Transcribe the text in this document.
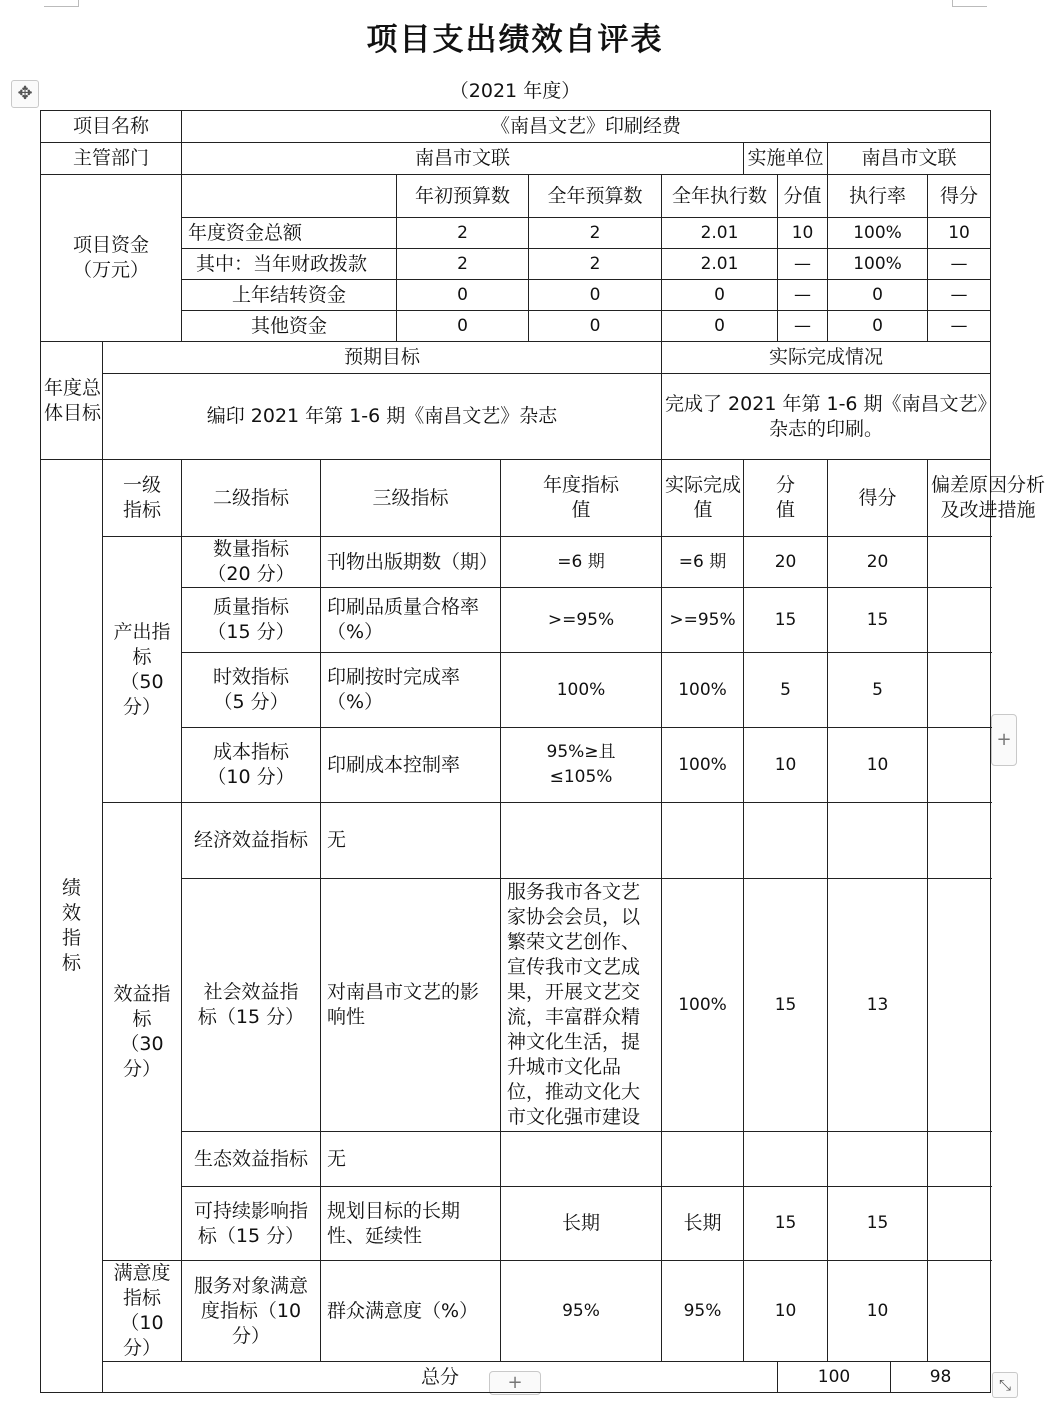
项目支出绩效自评表
（2021 年度）
✥
+
+	⤡
项目名称		《南昌文艺》印刷经费											
主管部门		南昌市文联						实施单位		南昌市文联			
项目资金（万元）				年初预算数		全年预算数	全年执行数		分值	执行率		得分	
		年度资金总额		2		2	2.01		10	100%		10	
		其中：当年财政拨款		2		2	2.01		—	100%		—	
		上年结转资金		0		0	0		—	0		—	
		其他资金		0		0	0		—	0		—	

年度总体目标	预期目标						实际完成情况						
	编印 2021 年第 1-6 期《南昌文艺》杂志						完成了 2021 年第 1-6 期《南昌文艺》杂志的印刷。						

绩效指标	一级指标	二级指标	三级指标		年度指标值		实际完成值	分值		得分		偏差原因分析及改进措施	

	产出指标（50 分）	数量指标（20 分）	刊物出版期数（期）		=6 期		=6 期	20		20			

		质量指标（15 分）	印刷品质量合格率（%）		>=95%		>=95%	15		15			

		时效指标（5 分）	印刷按时完成率（%）		100%		100%	5		5			

		成本指标（10 分）	印刷成本控制率		95%≥且≤105%		100%	10		10			

	效益指标（30 分）	经济效益指标	无										

		社会效益指标（15 分）	对南昌市文艺的影响性		服务我市各文艺家协会会员，以繁荣文艺创作、宣传我市文艺成果，开展文艺交流，丰富群众精神文化生活，提升城市文化品位，推动文化大市文化强市建设		100%	15		13			
		生态效益指标	无										

		可持续影响指标（15 分）	规划目标的长期性、延续性		长期		长期	15		15			

	满意度指标（10 分）	服务对象满意度指标（10 分）	群众满意度（%）		95%		95%	10		10			
	总分								100		98		
